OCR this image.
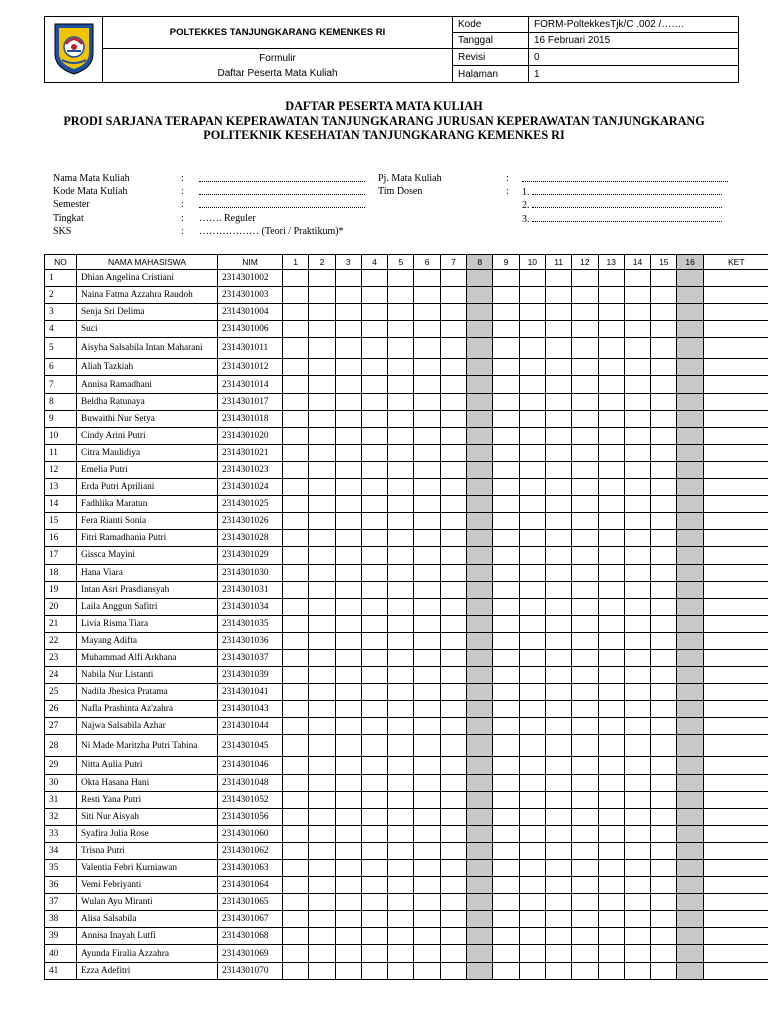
	POLTEKKES TANJUNGKARANG KEMENKES RI	Kode	FORM-PoltekkesTjk/C .002 /…….
		Tanggal	16 Februari 2015

	Formulir
Daftar Peserta Mata Kuliah	Revisi	0
		Halaman	1
DAFTAR PESERTA MATA KULIAH
PRODI SARJANA TERAPAN KEPERAWATAN TANJUNGKARANG JURUSAN KEPERAWATAN TANJUNGKARANG
POLITEKNIK KESEHATAN TANJUNGKARANG KEMENKES RI
Nama Mata Kuliah	:
Kode Mata Kuliah	:
Semester	:
Tingkat	: ……. Reguler
SKS	: ……………… (Teori / Praktikum)*
Pj. Mata Kuliah	:
Tim Dosen	: 1.
2.
3.
NO	NAMA MAHASISWA	NIM	1	2	3	4	5	6	7	8	9	10	11	12	13	14	15	16	KET
1	Dhian Angelina Cristiani	2314301002																	
2	Naina Fatma Azzahra Raudoh	2314301003																	
3	Senja Sri Delima	2314301004																	
4	Suci	2314301006																	
5	Aisyha Salsabila Intan Maharani	2314301011																	
6	Aliah Tazkiah	2314301012																	
7	Annisa Ramadhani	2314301014																	
8	Beldha Ratunaya	2314301017																	
9	Buwaithi Nur Setya	2314301018																	
10	Cindy Arini Putri	2314301020																	
11	Citra Maulidiya	2314301021																	
12	Emelia Putri	2314301023																	
13	Erda Putri Apriliani	2314301024																	
14	Fadhlika Maratun	2314301025																	
15	Fera Rianti Sonia	2314301026																	
16	Fitri Ramadhania Putri	2314301028																	
17	Gissca Mayini	2314301029																	
18	Hana Viara	2314301030																	
19	Intan Asri Prasdiansyah	2314301031																	
20	Laila Anggun Safitri	2314301034																	
21	Livia Risma Tiara	2314301035																	
22	Mayang Adifta	2314301036																	
23	Muhammad Alfi Arkhana	2314301037																	
24	Nabila Nur Listanti	2314301039																	
25	Nadila Jhesica Pratama	2314301041																	
26	Nafla Prashinta Az'zahra	2314301043																	
27	Najwa Salsabila Azhar	2314301044																	
28	Ni Made Maritzha Putri Tabina	2314301045																	
29	Nitta Aulia Putri	2314301046																	
30	Okta Hasana Hani	2314301048																	
31	Resti Yana Putri	2314301052																	
32	Siti Nur Aisyah	2314301056																	
33	Syafira Julia Rose	2314301060																	
34	Trisna Putri	2314301062																	
35	Valentia Febri Kurniawan	2314301063																	
36	Vemi Febriyanti	2314301064																	
37	Wulan Ayu Miranti	2314301065																	
38	Alisa Salsabila	2314301067																	
39	Annisa Inayah Lutfi	2314301068																	
40	Ayunda Firalia Azzahra	2314301069																	
41	Ezza Adefitri	2314301070																	
